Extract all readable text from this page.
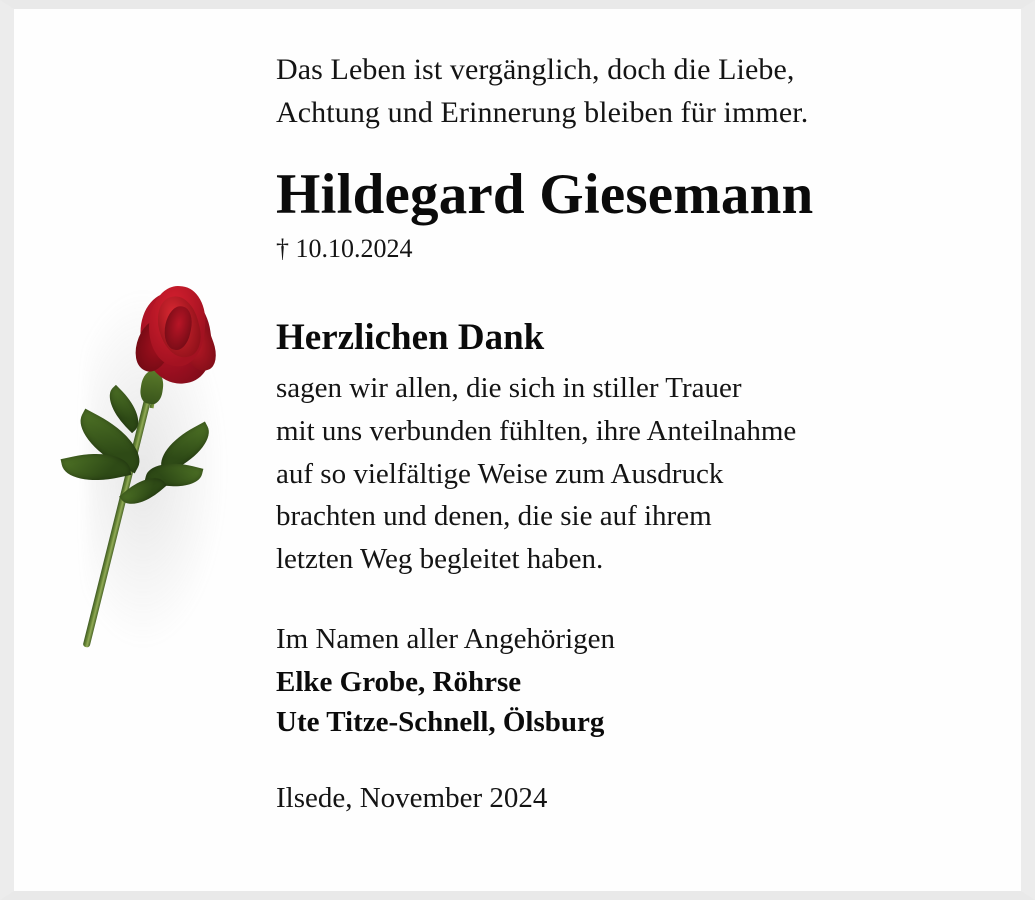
Das Leben ist vergänglich, doch die Liebe,
Achtung und Erinnerung bleiben für immer.
Hildegard Giesemann
† 10.10.2024
Herzlichen Dank
sagen wir allen, die sich in stiller Trauer
mit uns verbunden fühlten, ihre Anteilnahme
auf so vielfältige Weise zum Ausdruck
brachten und denen, die sie auf ihrem
letzten Weg begleitet haben.
Im Namen aller Angehörigen
Elke Grobe, Röhrse
Ute Titze-Schnell, Ölsburg
Ilsede, November 2024
